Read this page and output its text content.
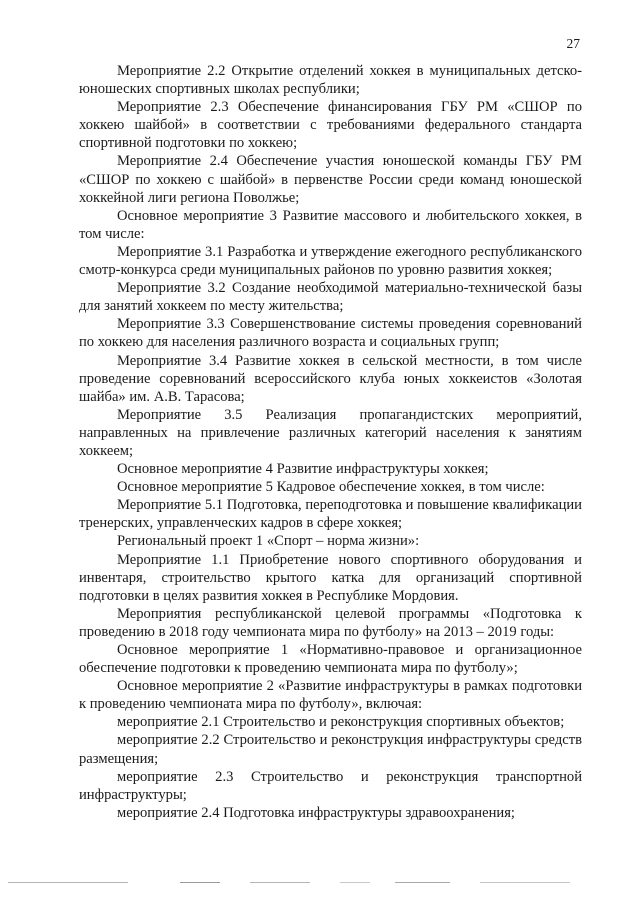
27

Мероприятие 2.2 Открытие отделений хоккея в муниципальных детско-юношеских спортивных школах республики;

Мероприятие 2.3 Обеспечение финансирования ГБУ РМ «СШОР по хоккею шайбой» в соответствии с требованиями федерального стандарта спортивной подготовки по хоккею;

Мероприятие 2.4 Обеспечение участия юношеской команды ГБУ РМ «СШОР по хоккею с шайбой» в первенстве России среди команд юношеской хоккейной лиги региона Поволжье;

Основное мероприятие 3 Развитие массового и любительского хоккея, в том числе:

Мероприятие 3.1 Разработка и утверждение ежегодного республиканского смотр-конкурса среди муниципальных районов по уровню развития хоккея;

Мероприятие 3.2 Создание необходимой материально-технической базы для занятий хоккеем по месту жительства;

Мероприятие 3.3 Совершенствование системы проведения соревнований по хоккею для населения различного возраста и социальных групп;

Мероприятие 3.4 Развитие хоккея в сельской местности, в том числе проведение соревнований всероссийского клуба юных хоккеистов «Золотая шайба» им. А.В. Тарасова;

Мероприятие 3.5 Реализация пропагандистских мероприятий, направленных на привлечение различных категорий населения к занятиям хоккеем;

Основное мероприятие 4 Развитие инфраструктуры хоккея;

Основное мероприятие 5 Кадровое обеспечение хоккея, в том числе:

Мероприятие 5.1 Подготовка, переподготовка и повышение квалификации тренерских, управленческих кадров в сфере хоккея;

Региональный проект 1 «Спорт – норма жизни»:

Мероприятие 1.1 Приобретение нового спортивного оборудования и инвентаря, строительство крытого катка для организаций спортивной подготовки в целях развития хоккея в Республике Мордовия.

Мероприятия республиканской целевой программы «Подготовка к проведению в 2018 году чемпионата мира по футболу» на 2013 – 2019 годы:

Основное мероприятие 1 «Нормативно-правовое и организационное обеспечение подготовки к проведению чемпионата мира по футболу»;

Основное мероприятие 2 «Развитие инфраструктуры в рамках подготовки к проведению чемпионата мира по футболу», включая:

мероприятие 2.1 Строительство и реконструкция спортивных объектов;

мероприятие 2.2 Строительство и реконструкция инфраструктуры средств размещения;

мероприятие 2.3 Строительство и реконструкция транспортной инфраструктуры;

мероприятие 2.4 Подготовка инфраструктуры здравоохранения;
